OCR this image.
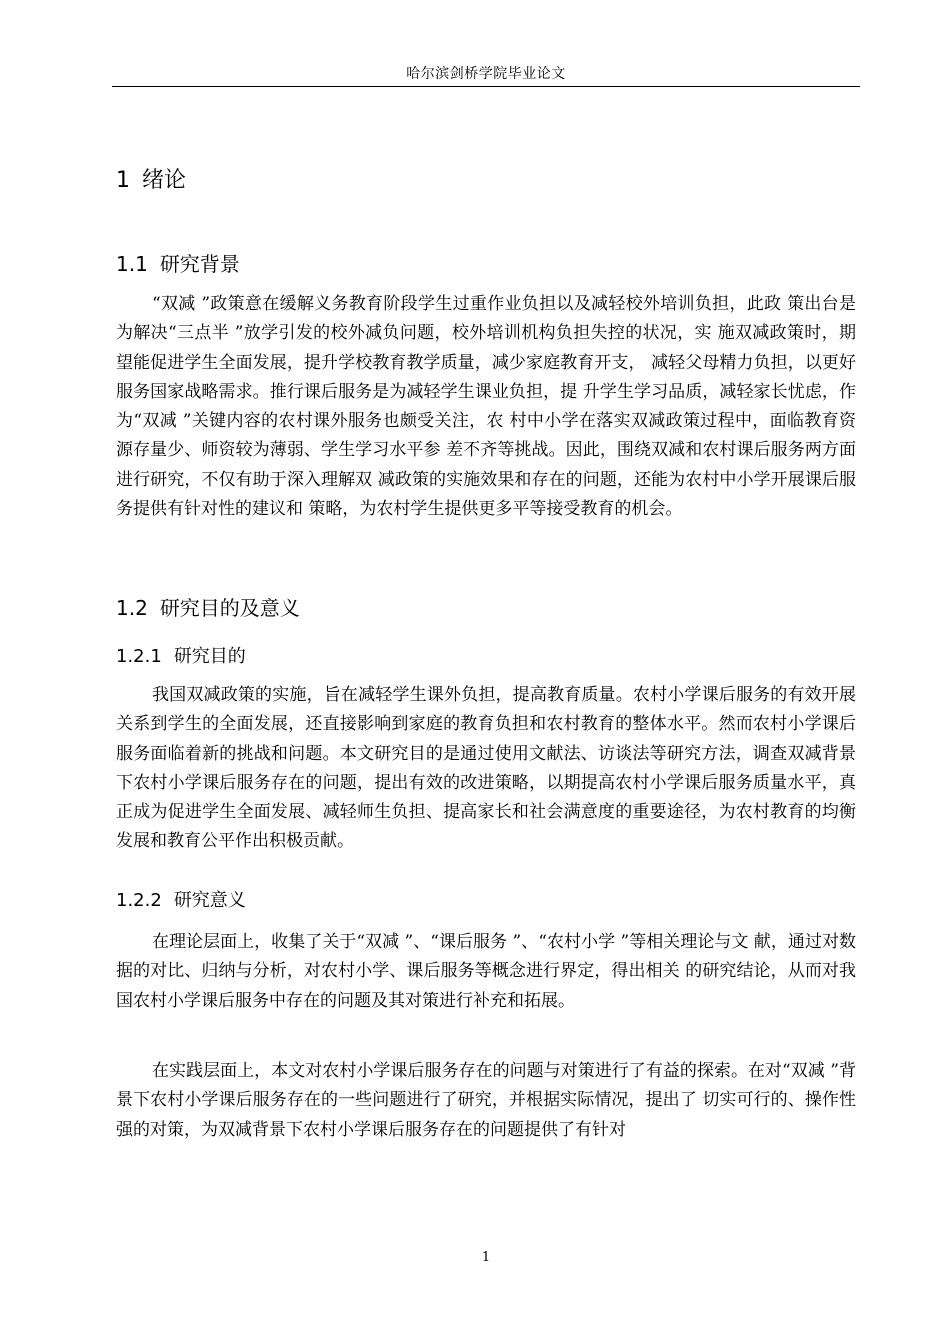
哈尔滨剑桥学院毕业论文
1 绪论
1.1 研究背景

“双减 ”政策意在缓解义务教育阶段学生过重作业负担以及减轻校外培训负担，此政 策出台是为解决“三点半 ”放学引发的校外减负问题，校外培训机构负担失控的状况，实 施双减政策时，期望能促进学生全面发展，提升学校教育教学质量，减少家庭教育开支， 减轻父母精力负担，以更好服务国家战略需求。推行课后服务是为减轻学生课业负担，提 升学生学习品质，减轻家长忧虑，作为“双减 ”关键内容的农村课外服务也颇受关注，农 村中小学在落实双减政策过程中，面临教育资源存量少、师资较为薄弱、学生学习水平参 差不齐等挑战。因此，围绕双减和农村课后服务两方面进行研究，不仅有助于深入理解双 减政策的实施效果和存在的问题，还能为农村中小学开展课后服务提供有针对性的建议和 策略，为农村学生提供更多平等接受教育的机会。

1.2 研究目的及意义
1.2.1 研究目的

我国双减政策的实施，旨在减轻学生课外负担，提高教育质量。农村小学课后服务的有效开展关系到学生的全面发展，还直接影响到家庭的教育负担和农村教育的整体水平。然而农村小学课后服务面临着新的挑战和问题。本文研究目的是通过使用文献法、访谈法等研究方法，调查双减背景下农村小学课后服务存在的问题，提出有效的改进策略，以期提高农村小学课后服务质量水平，真正成为促进学生全面发展、减轻师生负担、提高家长和社会满意度的重要途径，为农村教育的均衡发展和教育公平作出积极贡献。

1.2.2 研究意义

在理论层面上，收集了关于“双减 ”、“课后服务 ”、“农村小学 ”等相关理论与文 献，通过对数据的对比、归纳与分析，对农村小学、课后服务等概念进行界定，得出相关 的研究结论，从而对我国农村小学课后服务中存在的问题及其对策进行补充和拓展。

在实践层面上，本文对农村小学课后服务存在的问题与对策进行了有益的探索。在对“双减 ”背景下农村小学课后服务存在的一些问题进行了研究，并根据实际情况，提出了 切实可行的、操作性强的对策，为双减背景下农村小学课后服务存在的问题提供了有针对

1
